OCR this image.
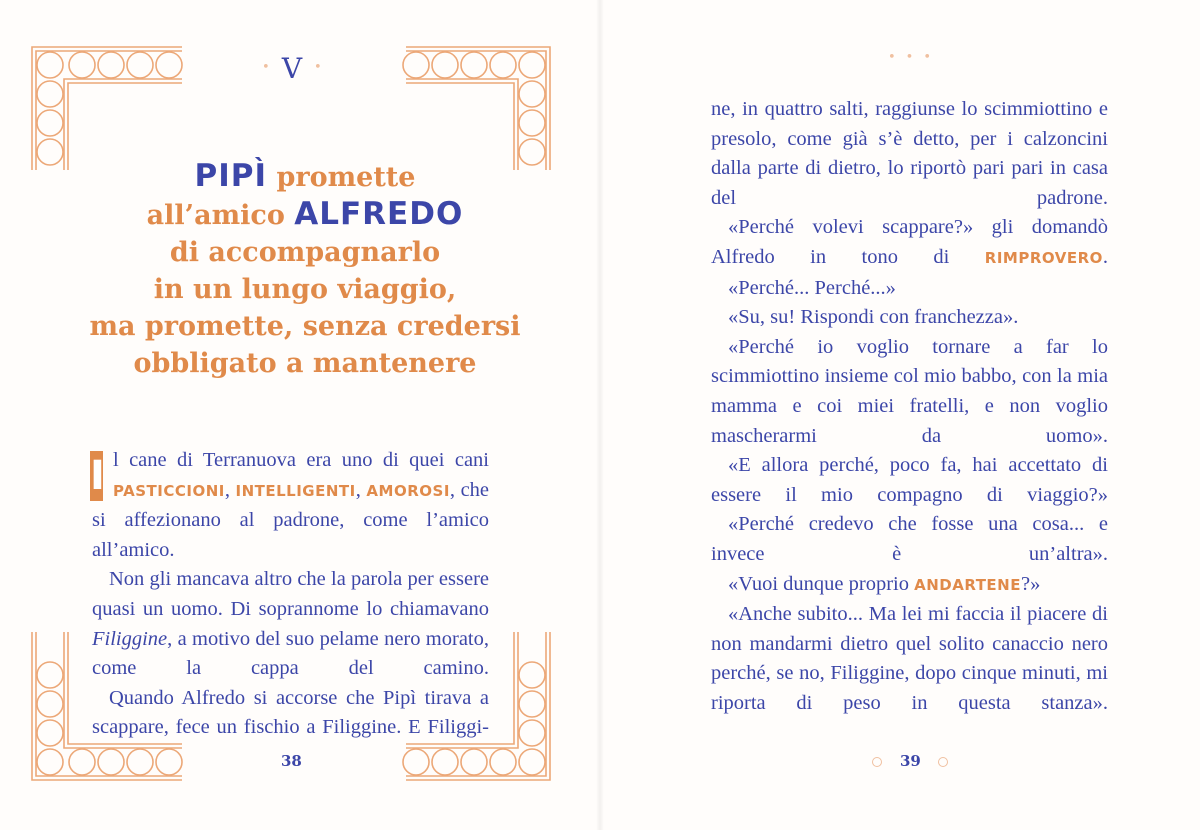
• V •
PIPÌ promette
all’amico ALFREDO
di accompagnarlo
in un lungo viaggio,
ma promette, senza credersi
obbligato a mantenere

I l cane di Terranuova era uno di quei cani PASTICCIONI, INTELLIGENTI, AMOROSI, che si affezionano al padrone, come l’amico all’amico.

Non gli mancava altro che la parola per essere quasi un uomo. Di soprannome lo chiamavano Filiggine, a motivo del suo pelame nero morato, come la cappa del camino.

Quando Alfredo si accorse che Pipì tirava a scappare, fece un fischio a Filiggine. E Filiggi-

38
•••

ne, in quattro salti, raggiunse lo scimmiottino e presolo, come già s’è detto, per i calzoncini dalla parte di dietro, lo riportò pari pari in casa del padrone.

«Perché volevi scappare?» gli domandò Alfredo in tono di RIMPROVERO.

«Perché... Perché...»

«Su, su! Rispondi con franchezza».

«Perché io voglio tornare a far lo scimmiottino insieme col mio babbo, con la mia mamma e coi miei fratelli, e non voglio mascherarmi da uomo».

«E allora perché, poco fa, hai accettato di essere il mio compagno di viaggio?»

«Perché credevo che fosse una cosa... e invece è un’altra».

«Vuoi dunque proprio ANDARTENE?»

«Anche subito... Ma lei mi faccia il piacere di non mandarmi dietro quel solito canaccio nero perché, se no, Filiggine, dopo cinque minuti, mi riporta di peso in questa stanza».

39
